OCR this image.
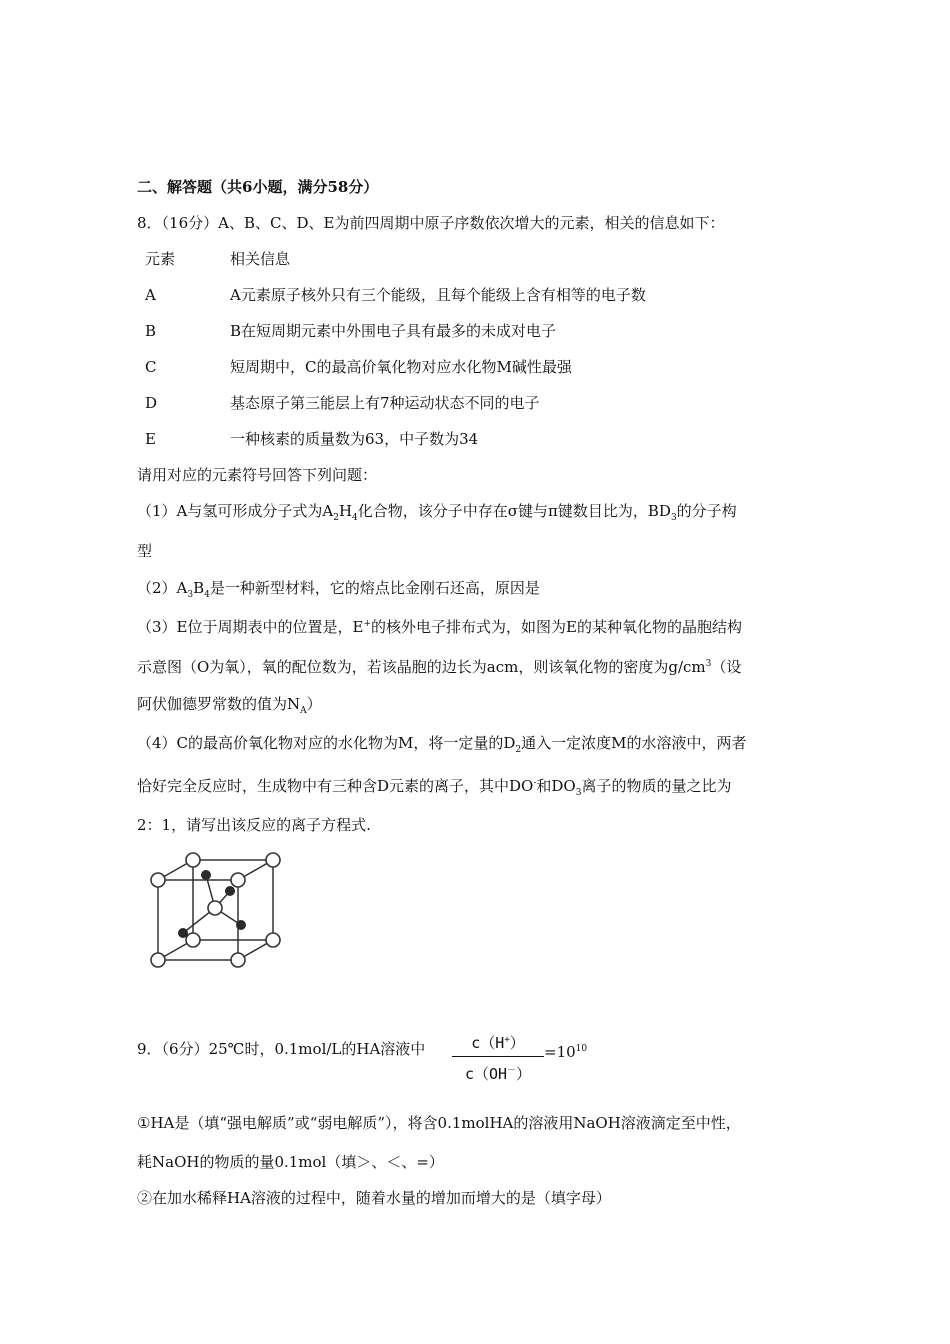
二、解答题（共6小题，满分58分）
8．（16分）A、B、C、D、E为前四周期中原子序数依次增大的元素，相关的信息如下：
元素	相关信息
A	A元素原子核外只有三个能级，且每个能级上含有相等的电子数
B	B在短周期元素中外围电子具有最多的未成对电子
C	短周期中，C的最高价氧化物对应水化物M碱性最强
D	基态原子第三能层上有7种运动状态不同的电子
E	一种核素的质量数为63，中子数为34
请用对应的元素符号回答下列问题：
（1）A与氢可形成分子式为$A_2H_4$化合物，该分子中存在σ键与π键数目比为，$BD_3$的分子构
型
$(2)A_3B_4$是一种新型材料，它的熔点比金刚石还高，原因是
（3）E位于周期表中的位置是，E+的核外电子排布式为，如图为E的某种氧化物的晶胞结构
示意图（O为氧），氧的配位数为，若该晶胞的边长为acm，则该氧化物的密度为$g/cm^3$（设
阿伏伽德罗常数的值为$N_A$）
（4）C的最高价氧化物对应的水化物为M，将一定量的$D_2$通入一定浓度M的水溶液中，两者
恰好完全反应时，生成物中有三种含D元素的离子，其中DO-和$DO_3$离子的物质的量之比为
2：1，请写出该反应的离子方程式.
9．（6分）25℃时，0.1mol/L的HA溶液中 $\frac{c(H^+)}{c(OH^-)} =10^{10}$
①HA是（填“强电解质”或“弱电解质”），将含0.1molHA的溶液用NaOH溶液滴定至中性，
耗NaOH的物质的量0.1mol（填＞、＜、=）
②在加水稀释HA溶液的过程中，随着水量的增加而增大的是（填字母）
